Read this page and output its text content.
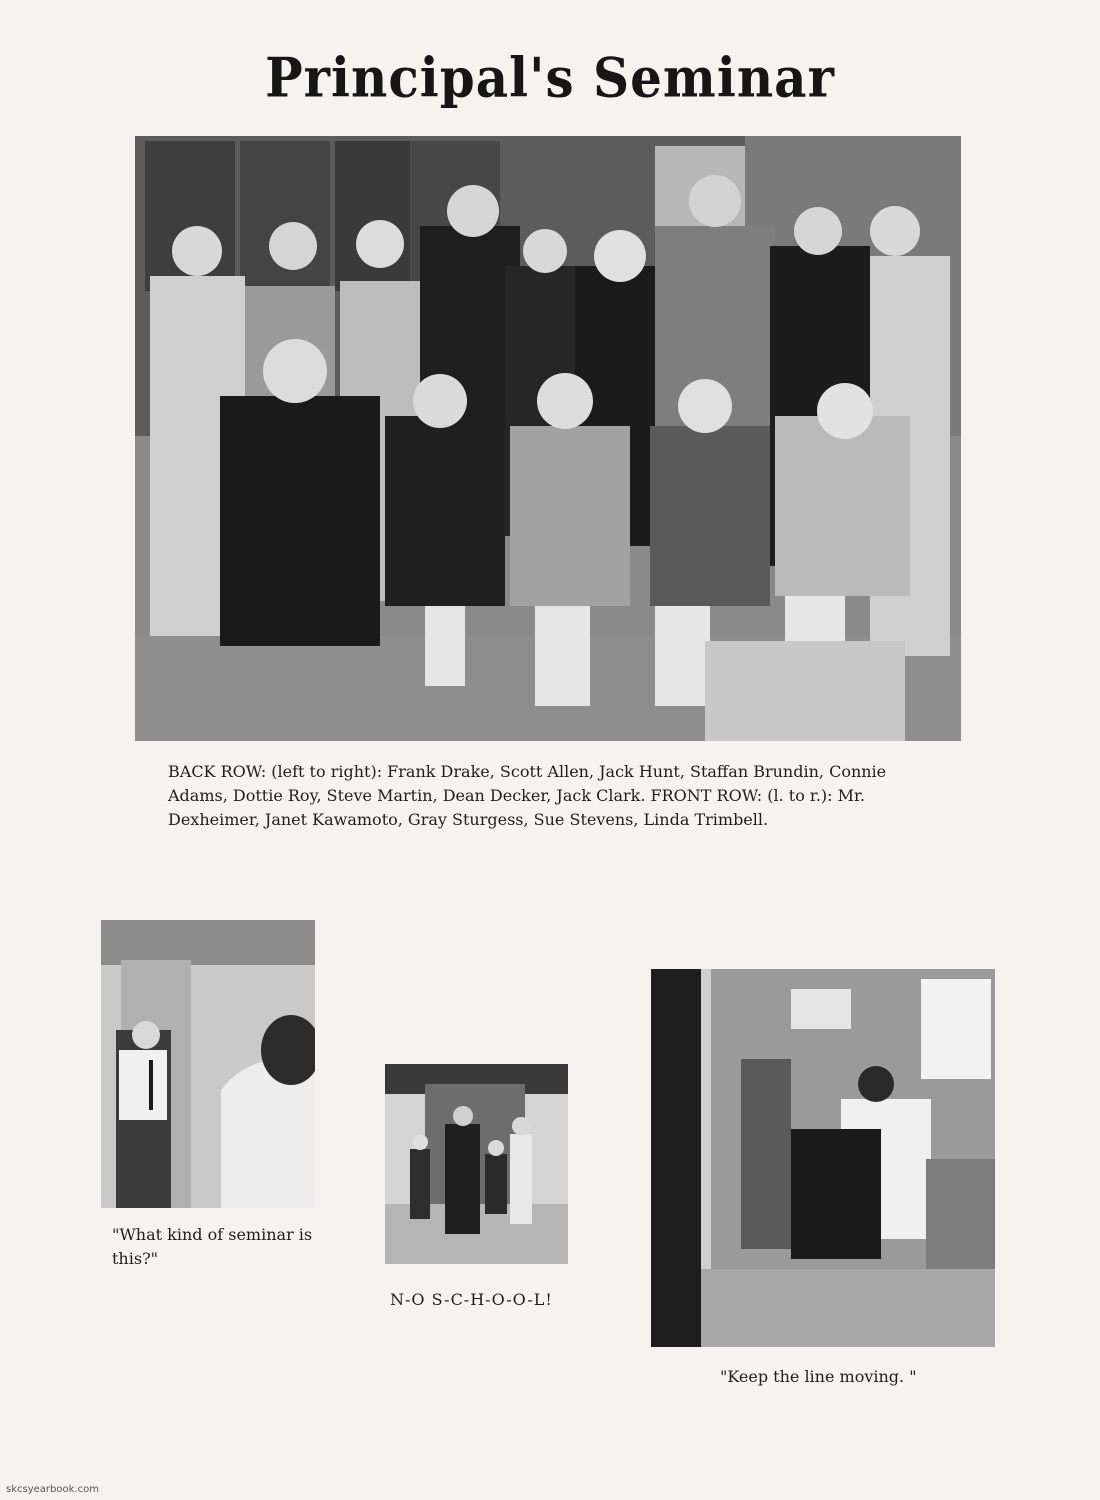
Principal's Seminar
BACK ROW: (left to right): Frank Drake, Scott Allen, Jack Hunt, Staffan Brundin, Connie Adams, Dottie Roy, Steve Martin, Dean Decker, Jack Clark. FRONT ROW: (l. to r.): Mr. Dexheimer, Janet Kawamoto, Gray Sturgess, Sue Stevens, Linda Trimbell.
"What kind of seminar is this?"
N-O S-C-H-O-O-L!
"Keep the line moving. "
skcsyearbook.com
